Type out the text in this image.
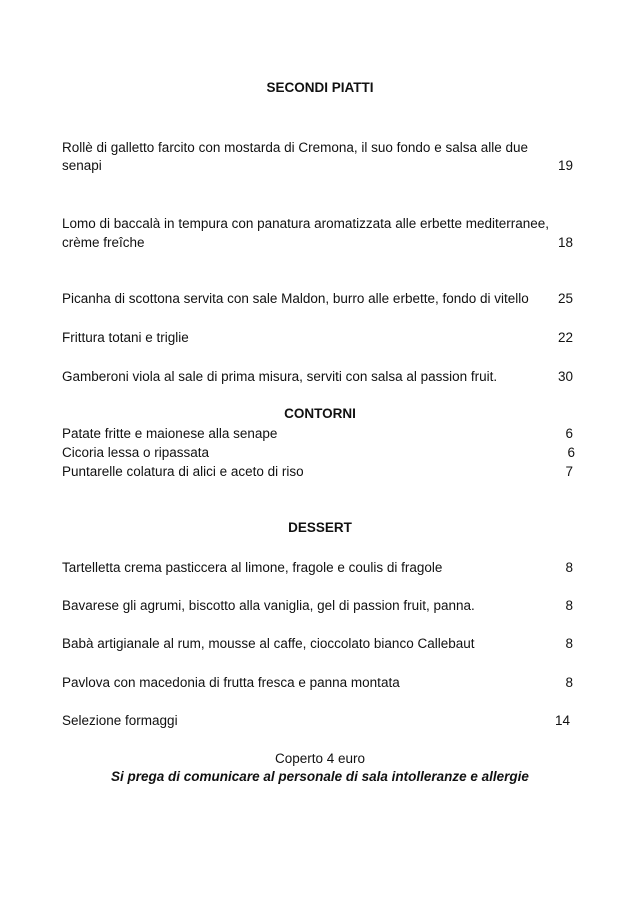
SECONDI PIATTI
Rollè di galletto farcito con mostarda di Cremona, il suo fondo e salsa alle due
senapi	19
Lomo di baccalà in tempura con panatura aromatizzata alle erbette mediterranee,
crème freîche	18
Picanha di scottona servita con sale Maldon, burro alle erbette, fondo di vitello 25
Frittura totani e triglie	22
Gamberoni viola al sale di prima misura, serviti con salsa al passion fruit.	30
CONTORNI
Patate fritte e maionese alla senape	6
Cicoria lessa o ripassata	6
Puntarelle colatura di alici e aceto di riso	7
DESSERT
Tartelletta crema pasticcera al limone, fragole e coulis di fragole	8
Bavarese gli agrumi, biscotto alla vaniglia, gel di passion fruit, panna.	8
Babà artigianale al rum, mousse al caffe, cioccolato bianco Callebaut	8
Pavlova con macedonia di frutta fresca e panna montata	8
Selezione formaggi	14
Coperto 4 euro
Si prega di comunicare al personale di sala intolleranze e allergie
